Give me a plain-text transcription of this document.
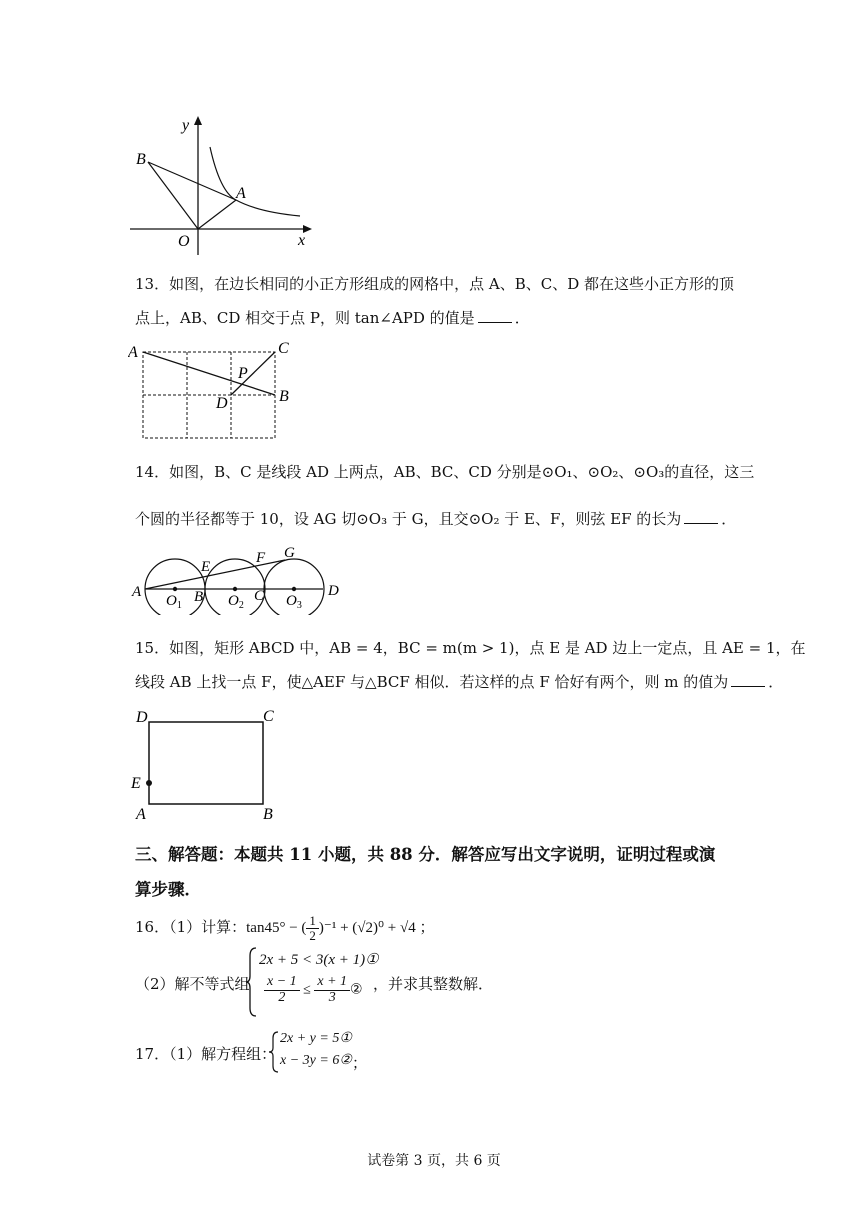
y
x
O
A
B
13．如图，在边长相同的小正方形组成的网格中，点 A、B、C、D 都在这些小正方形的顶
点上，AB、CD 相交于点 P，则 tan∠APD 的值是	．
A	C
B
D
P
14．如图，B、C 是线段 AD 上两点，AB、BC、CD 分别是⊙O₁、⊙O₂、⊙O₃的直径，这三
个圆的半径都等于 10，设 AG 切⊙O₃ 于 G，且交⊙O₂ 于 E、F，则弦 EF 的长为	．
A	B	C	D
E
F G
$O_1$	$O_2$	$O_3$
15．如图，矩形 ABCD 中，AB = 4，BC = m(m > 1)，点 E 是 AD 边上一定点，且 AE = 1，在
线段 AB 上找一点 F，使△AEF 与△BCF 相似．若这样的点 F 恰好有两个，则 m 的值为	．
D	C
E
A	B
三、解答题：本题共 11 小题，共 88 分．解答应写出文字说明，证明过程或演
算步骤．
16．（1）计算：tan45° − ( $\frac{1}{2} )^{-1} + (√2)^0 + √4$ ；
（2）解不等式组
2x + 5 < 3(x + 1)①
$\frac{x - 1}{2} \le \frac{x + 1}{3}$ ② ，并求其整数解．
17．（1）解方程组：
2x + y = 5①
x − 3y = 6② ；
试卷第 3 页，共 6 页
